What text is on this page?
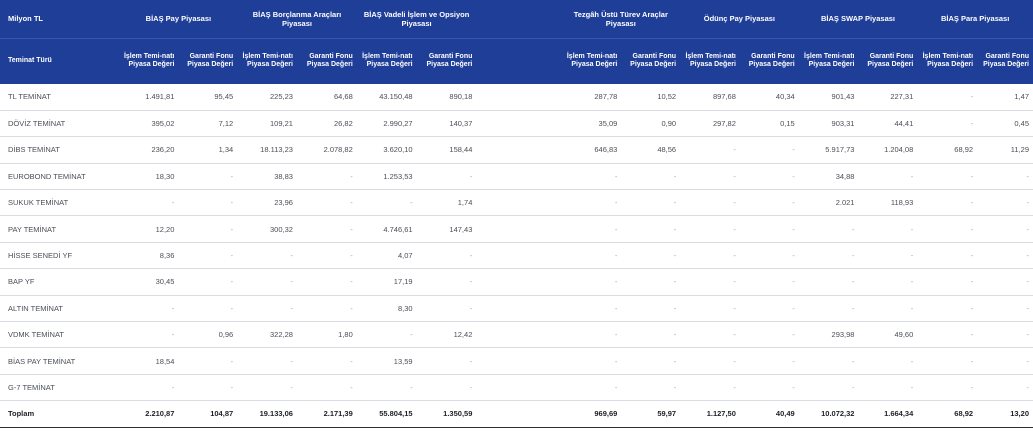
Milyon TL	BİAŞ Pay Piyasası		BİAŞ Borçlanma Araçları Piyasası		BİAŞ Vadeli İşlem ve Opsiyon Piyasası			Tezgâh Üstü Türev Araçlar Piyasası		Ödünç Pay Piyasası		BİAŞ SWAP Piyasası		BİAŞ Para Piyasası	
Teminat Türü	İşlem Temi-natı Piyasa Değeri	Garanti Fonu Piyasa Değeri	İşlem Temi-natı Piyasa Değeri	Garanti Fonu Piyasa Değeri	İşlem Temi-natı Piyasa Değeri	Garanti Fonu Piyasa Değeri		İşlem Temi-natı Piyasa Değeri	Garanti Fonu Piyasa Değeri	İşlem Temi-natı Piyasa Değeri	Garanti Fonu Piyasa Değeri	İşlem Temi-natı Piyasa Değeri	Garanti Fonu Piyasa Değeri	İşlem Temi-natı Piyasa Değeri	Garanti Fonu Piyasa Değeri
TL TEMİNAT	1.491,81	95,45	225,23	64,68	43.150,48	890,18		287,78	10,52	897,68	40,34	901,43	227,31	-	1,47
DÖVİZ TEMİNAT	395,02	7,12	109,21	26,82	2.990,27	140,37		35,09	0,90	297,82	0,15	903,31	44,41	-	0,45
DİBS TEMİNAT	236,20	1,34	18.113,23	2.078,82	3.620,10	158,44		646,83	48,56	-	-	5.917,73	1.204,08	68,92	11,29
EUROBOND TEMİNAT	18,30	-	38,83	-	1.253,53	-		-	-	-	-	34,88	-	-	-
SUKUK TEMİNAT	-	-	23,96	-	-	1,74		-	-	-	-	2.021	118,93	-	-
PAY TEMİNAT	12,20	-	300,32	-	4.746,61	147,43		-	-	-	-	-	-	-	-
HİSSE SENEDİ YF	8,36	-	-	-	4,07	-		-	-	-	-	-	-	-	-
BAP YF	30,45	-	-	-	17,19	-		-	-	-	-	-	-	-	-
ALTIN TEMİNAT	-	-	-	-	8,30	-		-	-	-	-	-	-	-	-
VDMK TEMİNAT	-	0,96	322,28	1,80	-	12,42		-	-	-	-	293,98	49,60	-	-
BİAS PAY TEMİNAT	18,54	-	-	-	13,59	-		-	-	-	-	-	-	-	-
G-7 TEMİNAT	-	-	-	-	-	-		-	-	-	-	-	-	-	-
Toplam	2.210,87	104,87	19.133,06	2.171,39	55.804,15	1.350,59		969,69	59,97	1.127,50	40,49	10.072,32	1.664,34	68,92	13,20
